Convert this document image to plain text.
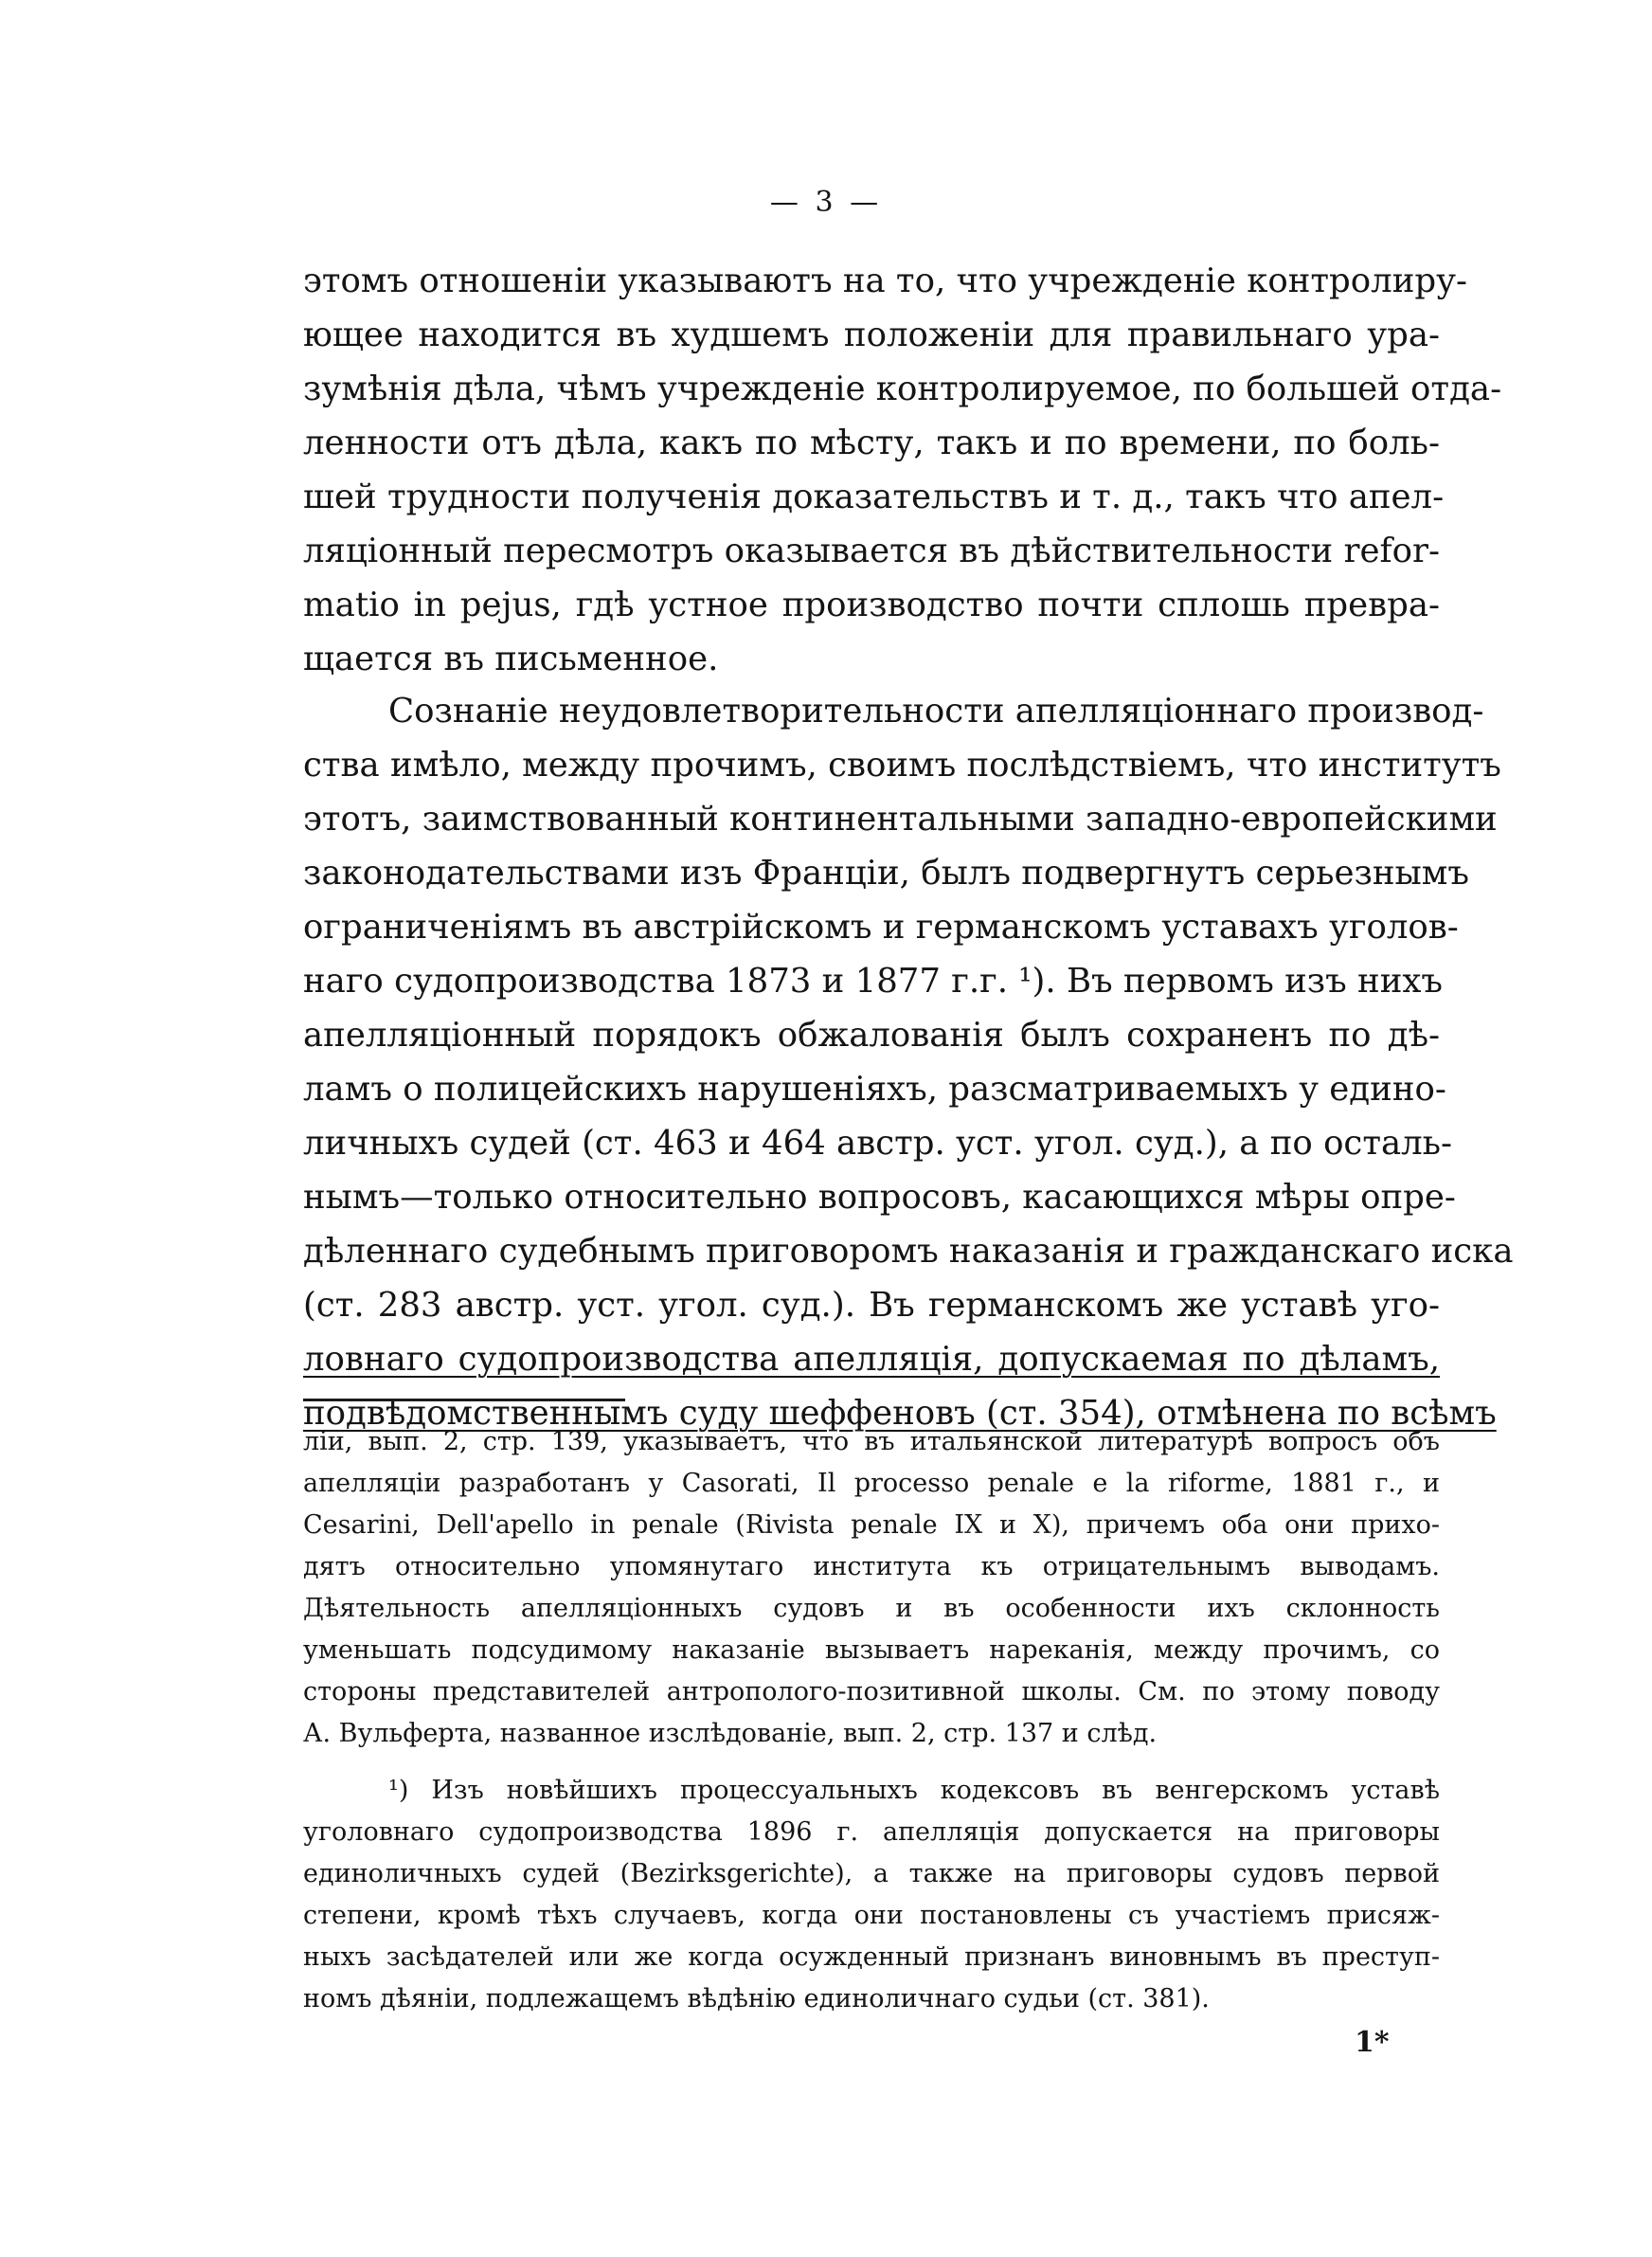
— 3 —
этомъ отношенiи указываютъ на то, что учрежденiе контролиру-
ющее находится въ худшемъ положенiи для правильнаго ура-
зумѣнiя дѣла, чѣмъ учрежденiе контролируемое, по большей отда-
ленности отъ дѣла, какъ по мѣсту, такъ и по времени, по боль-
шей трудности полученiя доказательствъ и т. д., такъ что апел-
ляцiонный пересмотръ оказывается въ дѣйствительности refor-
matio in pejus, гдѣ устное производство почти сплошь превра-
щается въ письменное.
Сознанiе неудовлетворительности апелляцiоннаго производ-
ства имѣло, между прочимъ, своимъ послѣдствiемъ, что институтъ
этотъ, заимствованный континентальными западно-европейскими
законодательствами изъ Францiи, былъ подвергнутъ серьезнымъ
ограниченiямъ въ австрiйскомъ и германскомъ уставахъ уголов-
наго судопроизводства 1873 и 1877 г.г. ¹). Въ первомъ изъ нихъ
апелляцiонный порядокъ обжалованiя былъ сохраненъ по дѣ-
ламъ о полицейскихъ нарушенiяхъ, разсматриваемыхъ у едино-
личныхъ судей (ст. 463 и 464 австр. уст. угол. суд.), а по осталь-
нымъ—только относительно вопросовъ, касающихся мѣры опре-
дѣленнаго судебнымъ приговоромъ наказанiя и гражданскаго иска
(ст. 283 австр. уст. угол. суд.). Въ германскомъ же уставѣ уго-
ловнаго судопроизводства апелляцiя, допускаемая по дѣламъ,
подвѣдомственнымъ суду шеффеновъ (ст. 354), отмѣнена по всѣмъ
лiи, вып. 2, стр. 139, указываетъ, что въ итальянской литературѣ вопросъ объ
апелляцiи разработанъ у Casorati, Il processo penale e la riforme, 1881 г., и
Cesarini, Dell'apello in penale (Rivista penale IX и X), причемъ оба они прихо-
дятъ относительно упомянутаго института къ отрицательнымъ выводамъ.
Дѣятельность апелляцiонныхъ судовъ и въ особенности ихъ склонность
уменьшать подсудимому наказанiе вызываетъ нареканiя, между прочимъ, со
стороны представителей антрополого-позитивной школы. См. по этому поводу
А. Вульферта, названное изслѣдованiе, вып. 2, стр. 137 и слѣд.
¹) Изъ новѣйшихъ процессуальныхъ кодексовъ въ венгерскомъ уставѣ
уголовнаго судопроизводства 1896 г. апелляцiя допускается на приговоры
единоличныхъ судей (Bezirksgerichte), а также на приговоры судовъ первой
степени, кромѣ тѣхъ случаевъ, когда они постановлены съ участiемъ присяж-
ныхъ засѣдателей или же когда осужденный признанъ виновнымъ въ преступ-
номъ дѣянiи, подлежащемъ вѣдѣнiю единоличнаго судьи (ст. 381).
1*
